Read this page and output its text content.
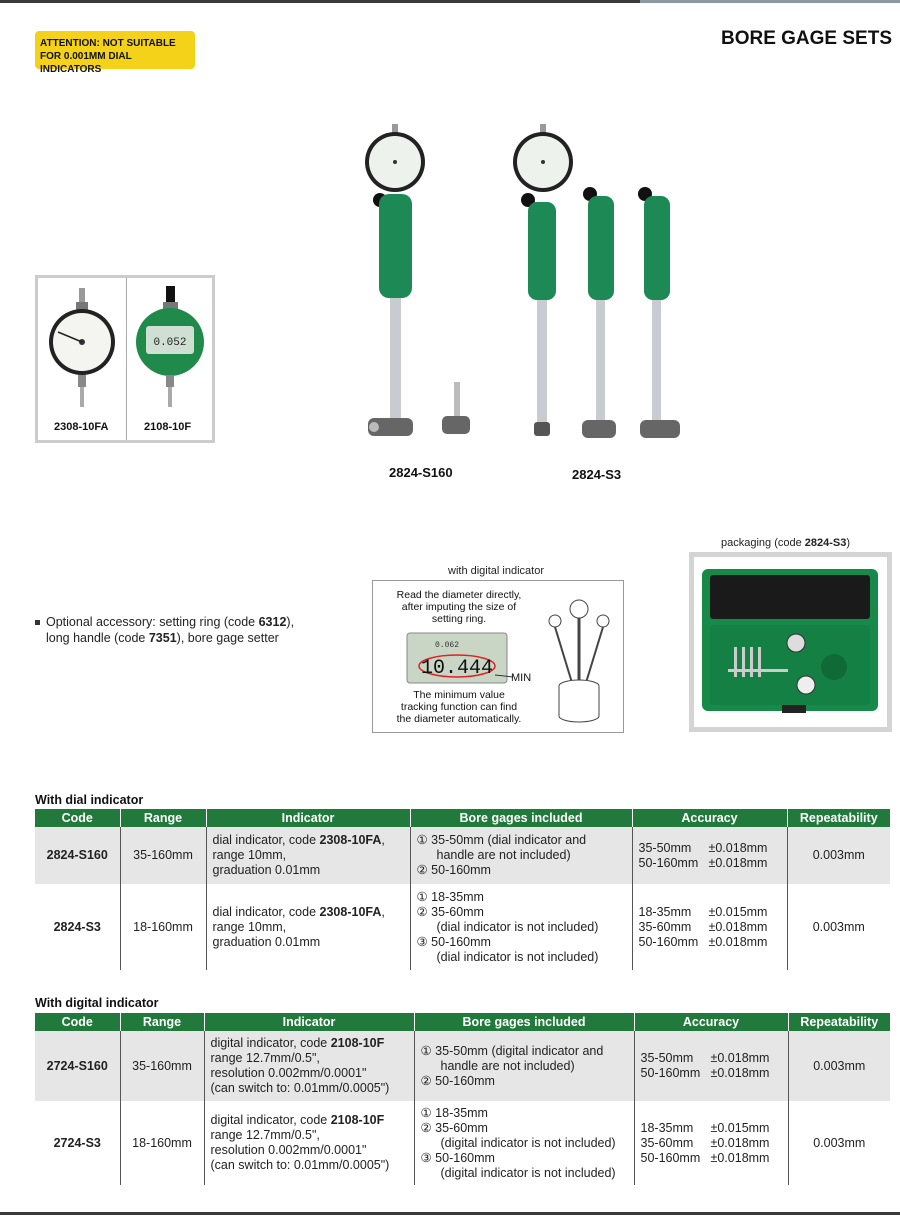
ATTENTION: NOT SUITABLE
FOR 0.001MM DIAL INDICATORS
BORE GAGE SETS
0.052
2308-10FA	2108-10F
2824-S160	2824-S3
Optional accessory: setting ring (code 6312),
long handle (code 7351), bore gage setter
with digital indicator
Read the diameter directly,
after imputing the size of
setting ring.
0.062
10.444 MIN
The minimum value
tracking function can find
the diameter automatically.
packaging (code 2824-S3)
With dial indicator
Code	Range	Indicator	Bore gages included	Accuracy	Repeatability
2824-S160	35-160mm	dial indicator, code 2308-10FA,
range 10mm,
graduation 0.01mm	① 35-50mm (dial indicator and
handle are not included)
② 50-160mm	35-50mm ±0.018mm
50-160mm ±0.018mm	0.003mm
2824-S3	18-160mm	dial indicator, code 2308-10FA,
range 10mm,
graduation 0.01mm	① 18-35mm
② 35-60mm
(dial indicator is not included)
③ 50-160mm
(dial indicator is not included)	18-35mm ±0.015mm
35-60mm ±0.018mm
50-160mm ±0.018mm	0.003mm
With digital indicator
Code	Range	Indicator	Bore gages included	Accuracy	Repeatability
2724-S160	35-160mm	digital indicator, code 2108-10F
range 12.7mm/0.5",
resolution 0.002mm/0.0001"
(can switch to: 0.01mm/0.0005")	① 35-50mm (digital indicator and
handle are not included)
② 50-160mm	35-50mm ±0.018mm
50-160mm ±0.018mm	0.003mm
2724-S3	18-160mm	digital indicator, code 2108-10F
range 12.7mm/0.5",
resolution 0.002mm/0.0001"
(can switch to: 0.01mm/0.0005")	① 18-35mm
② 35-60mm
(digital indicator is not included)
③ 50-160mm
(digital indicator is not included)	18-35mm ±0.015mm
35-60mm ±0.018mm
50-160mm ±0.018mm	0.003mm
